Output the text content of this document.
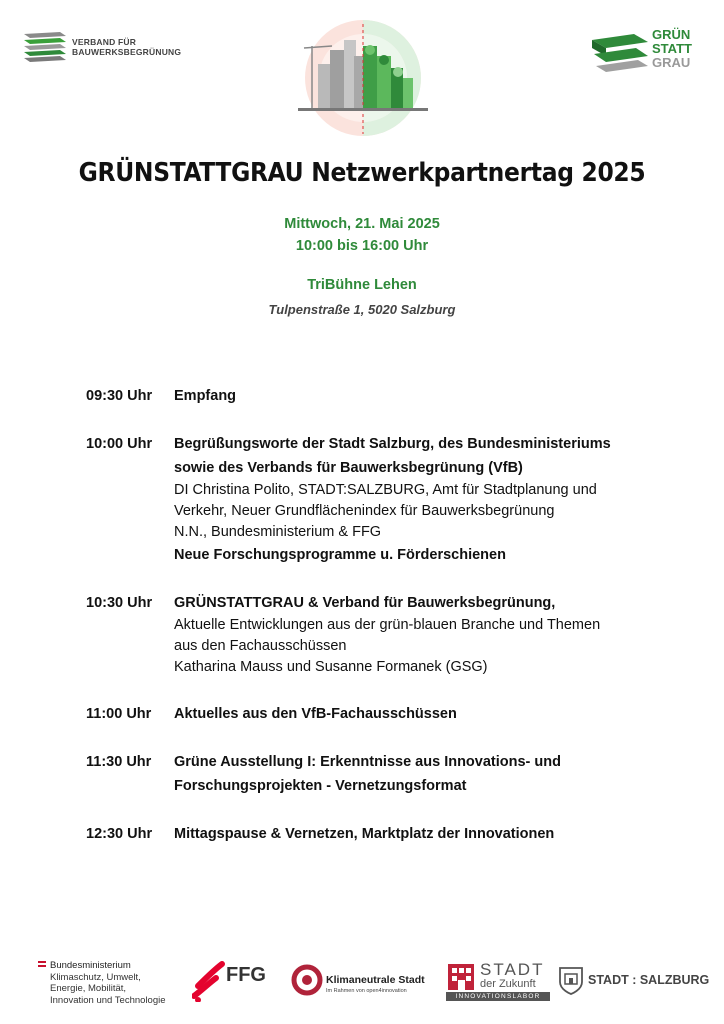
VERBAND FÜR
BAUWERKSBEGRÜNUNG
GRÜN
STATT
GRAU
GRÜNSTATTGRAU Netzwerkpartnertag 2025
Mittwoch, 21. Mai 2025
10:00 bis 16:00 Uhr
TriBühne Lehen
Tulpenstraße 1, 5020 Salzburg
09:30 Uhr	Empfang
10:00 Uhr	Begrüßungsworte der Stadt Salzburg, des Bundesministeriums
sowie des Verbands für Bauwerksbegrünung (VfB)
DI Christina Polito, STADT:SALZBURG, Amt für Stadtplanung und
Verkehr, Neuer Grundflächenindex für Bauwerksbegrünung
N.N., Bundesministerium & FFG
Neue Forschungsprogramme u. Förderschienen
10:30 Uhr	GRÜNSTATTGRAU & Verband für Bauwerksbegrünung,
Aktuelle Entwicklungen aus der grün-blauen Branche und Themen
aus den Fachausschüssen
Katharina Mauss und Susanne Formanek (GSG)
11:00 Uhr	Aktuelles aus den VfB-Fachausschüssen
11:30 Uhr	Grüne Ausstellung I: Erkenntnisse aus Innovations- und
Forschungsprojekten - Vernetzungsformat
12:30 Uhr	Mittagspause & Vernetzen, Marktplatz der Innovationen
Bundesministerium
Klimaschutz, Umwelt,
Energie, Mobilität,
Innovation und Technologie
FFG	Klimaneutrale Stadt
Im Rahmen von open4innovation
STADT
der Zukunft
INNOVATIONSLABOR
STADT : SALZBURG
